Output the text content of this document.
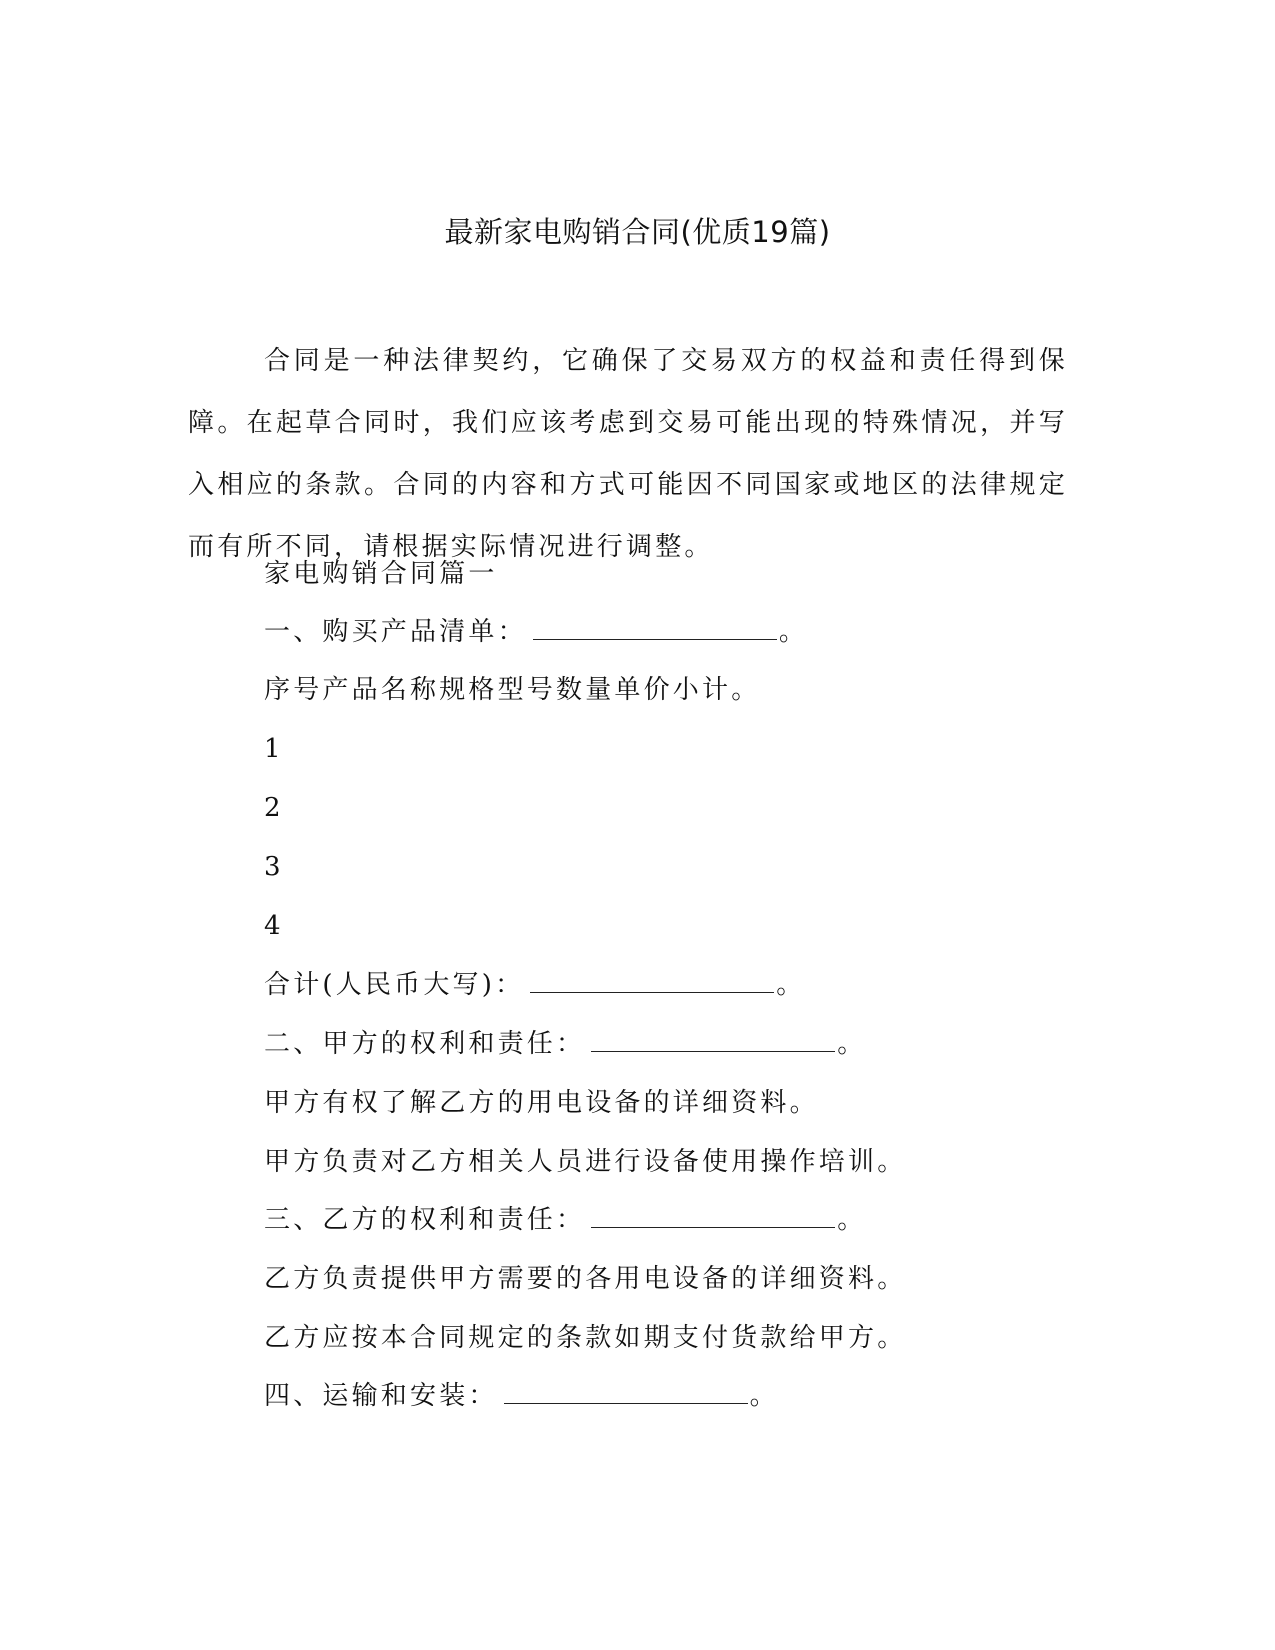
最新家电购销合同(优质19篇)

合同是一种法律契约，它确保了交易双方的权益和责任得到保障。在起草合同时，我们应该考虑到交易可能出现的特殊情况，并写入相应的条款。合同的内容和方式可能因不同国家或地区的法律规定而有所不同，请根据实际情况进行调整。

家电购销合同篇一

一、购买产品清单：	。

序号产品名称规格型号数量单价小计。

1

2

3

4

合计(人民币大写)：	。

二、甲方的权利和责任：	。

甲方有权了解乙方的用电设备的详细资料。

甲方负责对乙方相关人员进行设备使用操作培训。

三、乙方的权利和责任：	。

乙方负责提供甲方需要的各用电设备的详细资料。

乙方应按本合同规定的条款如期支付货款给甲方。

四、运输和安装：	。
